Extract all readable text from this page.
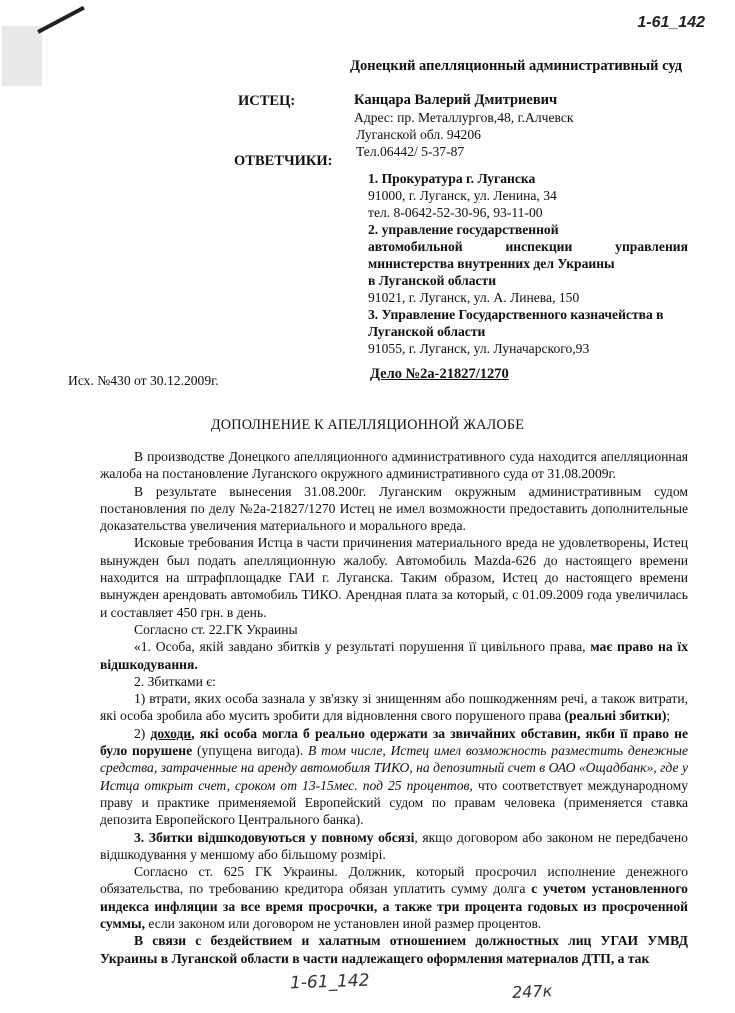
1-61_142
Донецкий апелляционный административный суд
ИСТЕЦ:	Канцара Валерий Дмитриевич
Адрес: пр. Металлургов,48, г.Алчевск
Луганской обл. 94206
Тел.06442/ 5-37-87
ОТВЕТЧИКИ:
1. Прокуратура г. Луганска
91000, г. Луганск, ул. Ленина, 34
тел. 8-0642-52-30-96, 93-11-00
2. управление государственной
автомобильной	инспекции	управления
министерства внутренних дел Украины
в Луганской области
91021, г. Луганск, ул. А. Линева, 150
3. Управление Государственного казначейства в
Луганской области
91055, г. Луганск, ул. Луначарского,93
Дело №2а-21827/1270
Исх. №430 от 30.12.2009г.
ДОПОЛНЕНИЕ К АПЕЛЛЯЦИОННОЙ ЖАЛОБЕ

В производстве Донецкого апелляционного административного суда находится апелляционная жалоба на постановление Луганского окружного административного суда от 31.08.2009г.

В результате вынесения 31.08.200г. Луганским окружным административным судом постановления по делу №2а-21827/1270 Истец не имел возможности предоставить дополнительные доказательства увеличения материального и морального вреда.

Исковые требования Истца в части причинения материального вреда не удовлетворены, Истец вынужден был подать апелляционную жалобу. Автомобиль Mazda-626 до настоящего времени находится на штрафплощадке ГАИ г. Луганска. Таким образом, Истец до настоящего времени вынужден арендовать автомобиль ТИКО. Арендная плата за который, с 01.09.2009 года увеличилась и составляет 450 грн. в день.

Согласно ст. 22.ГК Украины

«1. Особа, якій завдано збитків у результаті порушення її цивільного права, має право на їх відшкодування.

2. Збитками є:

1) втрати, яких особа зазнала у зв'язку зі знищенням або пошкодженням речі, а також витрати, які особа зробила або мусить зробити для відновлення свого порушеного права (реальні збитки);

2) доходи, які особа могла б реально одержати за звичайних обставин, якби її право не було порушене (упущена вигода). В том числе, Истец имел возможность разместить денежные средства, затраченные на аренду автомобиля ТИКО, на депозитный счет в ОАО «Ощадбанк», где у Истца открыт счет, сроком от 13-15мес. под 25 процентов, что соответствует международному праву и практике применяемой Европейский судом по правам человека (применяется ставка депозита Европейского Центрального банка).

3. Збитки відшкодовуються у повному обсязі, якщо договором або законом не передбачено відшкодування у меншому або більшому розмірі.

Согласно ст. 625 ГК Украины. Должник, который просрочил исполнение денежного обязательства, по требованию кредитора обязан уплатить сумму долга с учетом установленного индекса инфляции за все время просрочки, а также три процента годовых из просроченной суммы, если законом или договором не установлен иной размер процентов.

В связи с бездействием и халатным отношением должностных лиц УГАИ УМВД Украины в Луганской области в части надлежащего оформления материалов ДТП, а так

1-61_142	247к
